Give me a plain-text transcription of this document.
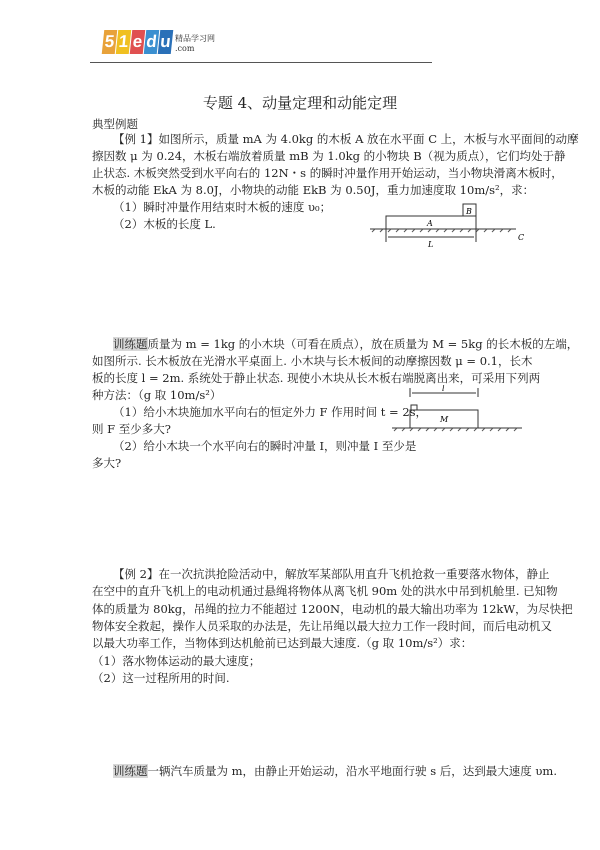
5 1 e d u 精品学习网
.com
专题 4、动量定理和动能定理
典型例题
【例 1】如图所示，质量 mA 为 4.0kg 的木板 A 放在水平面 C 上，木板与水平面间的动摩
擦因数 μ 为 0.24，木板右端放着质量 mB 为 1.0kg 的小物块 B（视为质点），它们均处于静
止状态. 木板突然受到水平向右的 12N・s 的瞬时冲量作用开始运动，当小物块滑离木板时，
木板的动能 EkA 为 8.0J，小物块的动能 EkB 为 0.50J，重力加速度取 10m/s²，求：
（1）瞬时冲量作用结束时木板的速度 υ₀；
（2）木板的长度 L.	A
B
L
C
训练题质量为 m = 1kg 的小木块（可看在质点），放在质量为 M = 5kg 的长木板的左端，
如图所示. 长木板放在光滑水平桌面上. 小木块与长木板间的动摩擦因数 μ = 0.1，长木
板的长度 l = 2m. 系统处于静止状态. 现使小木块从长木板右端脱离出来，可采用下列两
种方法：（g 取 10m/s²）
（1）给小木块施加水平向右的恒定外力 F 作用时间 t = 2s，
则 F 至少多大?
（2）给小木块一个水平向右的瞬时冲量 I，则冲量 I 至少是
多大?
l
M
【例 2】在一次抗洪抢险活动中，解放军某部队用直升飞机抢救一重要落水物体，静止
在空中的直升飞机上的电动机通过悬绳将物体从离飞机 90m 处的洪水中吊到机舱里. 已知物
体的质量为 80kg，吊绳的拉力不能超过 1200N，电动机的最大输出功率为 12kW，为尽快把
物体安全救起，操作人员采取的办法是，先让吊绳以最大拉力工作一段时间，而后电动机又
以最大功率工作，当物体到达机舱前已达到最大速度.（g 取 10m/s²）求：
（1）落水物体运动的最大速度；
（2）这一过程所用的时间.
训练题一辆汽车质量为 m，由静止开始运动，沿水平地面行驶 s 后，达到最大速度 υm.
